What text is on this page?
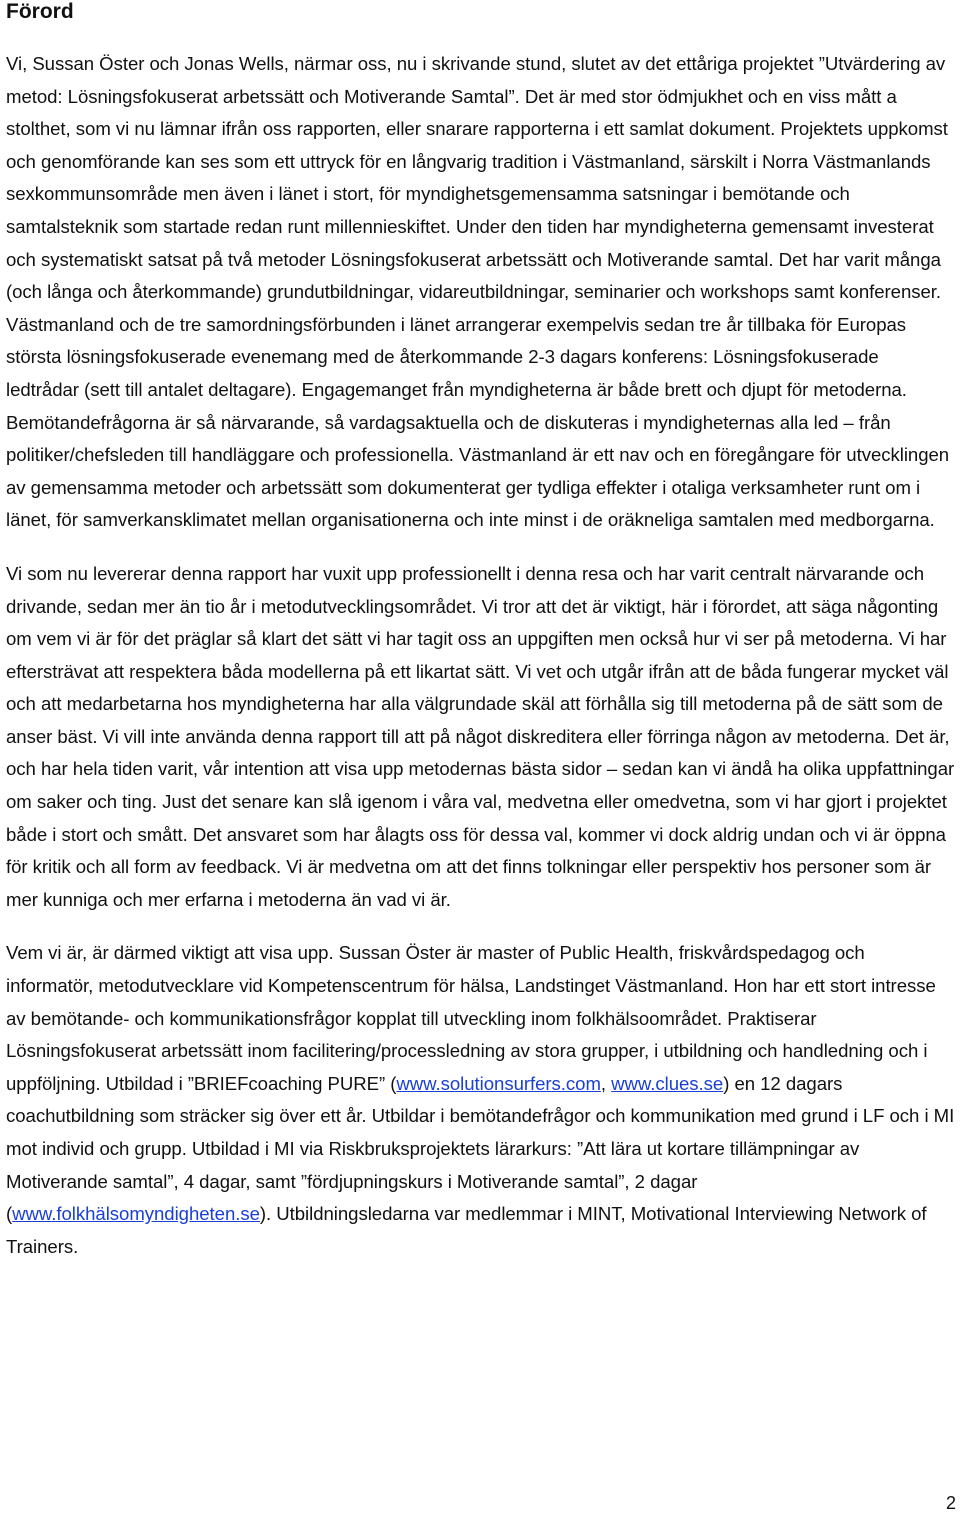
Förord

Vi, Sussan Öster och Jonas Wells, närmar oss, nu i skrivande stund, slutet av det ettåriga projektet ”Utvärdering av metod: Lösningsfokuserat arbetssätt och Motiverande Samtal”. Det är med stor ödmjukhet och en viss mått a stolthet, som vi nu lämnar ifrån oss rapporten, eller snarare rapporterna i ett samlat dokument. Projektets uppkomst och genomförande kan ses som ett uttryck för en långvarig tradition i Västmanland, särskilt i Norra Västmanlands sexkommunsområde men även i länet i stort, för myndighetsgemensamma satsningar i bemötande och samtalsteknik som startade redan runt millennieskiftet. Under den tiden har myndigheterna gemensamt investerat och systematiskt satsat på två metoder Lösningsfokuserat arbetssätt och Motiverande samtal. Det har varit många (och långa och återkommande) grundutbildningar, vidareutbildningar, seminarier och workshops samt konferenser. Västmanland och de tre samordningsförbunden i länet arrangerar exempelvis sedan tre år tillbaka för Europas största lösningsfokuserade evenemang med de återkommande 2-3 dagars konferens: Lösningsfokuserade ledtrådar (sett till antalet deltagare). Engagemanget från myndigheterna är både brett och djupt för metoderna. Bemötandefrågorna är så närvarande, så vardagsaktuella och de diskuteras i myndigheternas alla led – från politiker/chefsleden till handläggare och professionella. Västmanland är ett nav och en föregångare för utvecklingen av gemensamma metoder och arbetssätt som dokumenterat ger tydliga effekter i otaliga verksamheter runt om i länet, för samverkansklimatet mellan organisationerna och inte minst i de oräkneliga samtalen med medborgarna.

Vi som nu levererar denna rapport har vuxit upp professionellt i denna resa och har varit centralt närvarande och drivande, sedan mer än tio år i metodutvecklingsområdet. Vi tror att det är viktigt, här i förordet, att säga någonting om vem vi är för det präglar så klart det sätt vi har tagit oss an uppgiften men också hur vi ser på metoderna. Vi har eftersträvat att respektera båda modellerna på ett likartat sätt. Vi vet och utgår ifrån att de båda fungerar mycket väl och att medarbetarna hos myndigheterna har alla välgrundade skäl att förhålla sig till metoderna på de sätt som de anser bäst. Vi vill inte använda denna rapport till att på något diskreditera eller förringa någon av metoderna. Det är, och har hela tiden varit, vår intention att visa upp metodernas bästa sidor – sedan kan vi ändå ha olika uppfattningar om saker och ting. Just det senare kan slå igenom i våra val, medvetna eller omedvetna, som vi har gjort i projektet både i stort och smått. Det ansvaret som har ålagts oss för dessa val, kommer vi dock aldrig undan och vi är öppna för kritik och all form av feedback. Vi är medvetna om att det finns tolkningar eller perspektiv hos personer som är mer kunniga och mer erfarna i metoderna än vad vi är.

Vem vi är, är därmed viktigt att visa upp. Sussan Öster är master of Public Health, friskvårdspedagog och informatör, metodutvecklare vid Kompetenscentrum för hälsa, Landstinget Västmanland. Hon har ett stort intresse av bemötande- och kommunikationsfrågor kopplat till utveckling inom folkhälsoområdet. Praktiserar Lösningsfokuserat arbetssätt inom facilitering/processledning av stora grupper, i utbildning och handledning och i uppföljning. Utbildad i ”BRIEFcoaching PURE” (www.solutionsurfers.com, www.clues.se) en 12 dagars coachutbildning som sträcker sig över ett år. Utbildar i bemötandefrågor och kommunikation med grund i LF och i MI mot individ och grupp. Utbildad i MI via Riskbruksprojektets lärarkurs: ”Att lära ut kortare tillämpningar av Motiverande samtal”, 4 dagar, samt ”fördjupningskurs i Motiverande samtal”, 2 dagar (www.folkhälsomyndigheten.se). Utbildningsledarna var medlemmar i MINT, Motivational Interviewing Network of Trainers.

2
